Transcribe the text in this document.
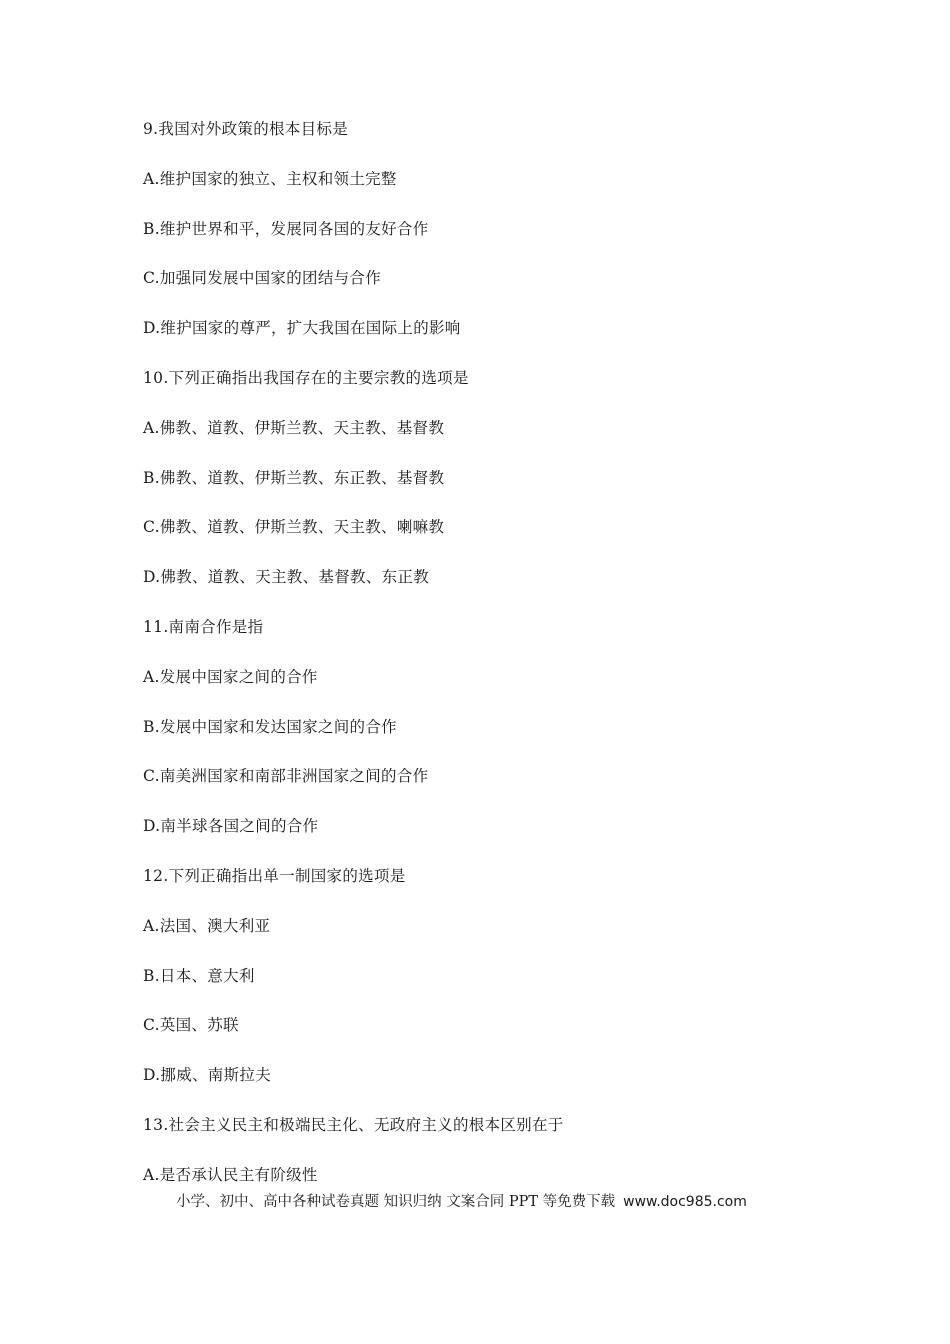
9.我国对外政策的根本目标是
A.维护国家的独立、主权和领土完整
B.维护世界和平，发展同各国的友好合作
C.加强同发展中国家的团结与合作
D.维护国家的尊严，扩大我国在国际上的影响
10.下列正确指出我国存在的主要宗教的选项是
A.佛教、道教、伊斯兰教、天主教、基督教
B.佛教、道教、伊斯兰教、东正教、基督教
C.佛教、道教、伊斯兰教、天主教、喇嘛教
D.佛教、道教、天主教、基督教、东正教
11.南南合作是指
A.发展中国家之间的合作
B.发展中国家和发达国家之间的合作
C.南美洲国家和南部非洲国家之间的合作
D.南半球各国之间的合作
12.下列正确指出单一制国家的选项是
A.法国、澳大利亚
B.日本、意大利
C.英国、苏联
D.挪威、南斯拉夫
13.社会主义民主和极端民主化、无政府主义的根本区别在于
A.是否承认民主有阶级性
小学、初中、高中各种试卷真题 知识归纳 文案合同 PPT 等免费下载 www.doc985.com
